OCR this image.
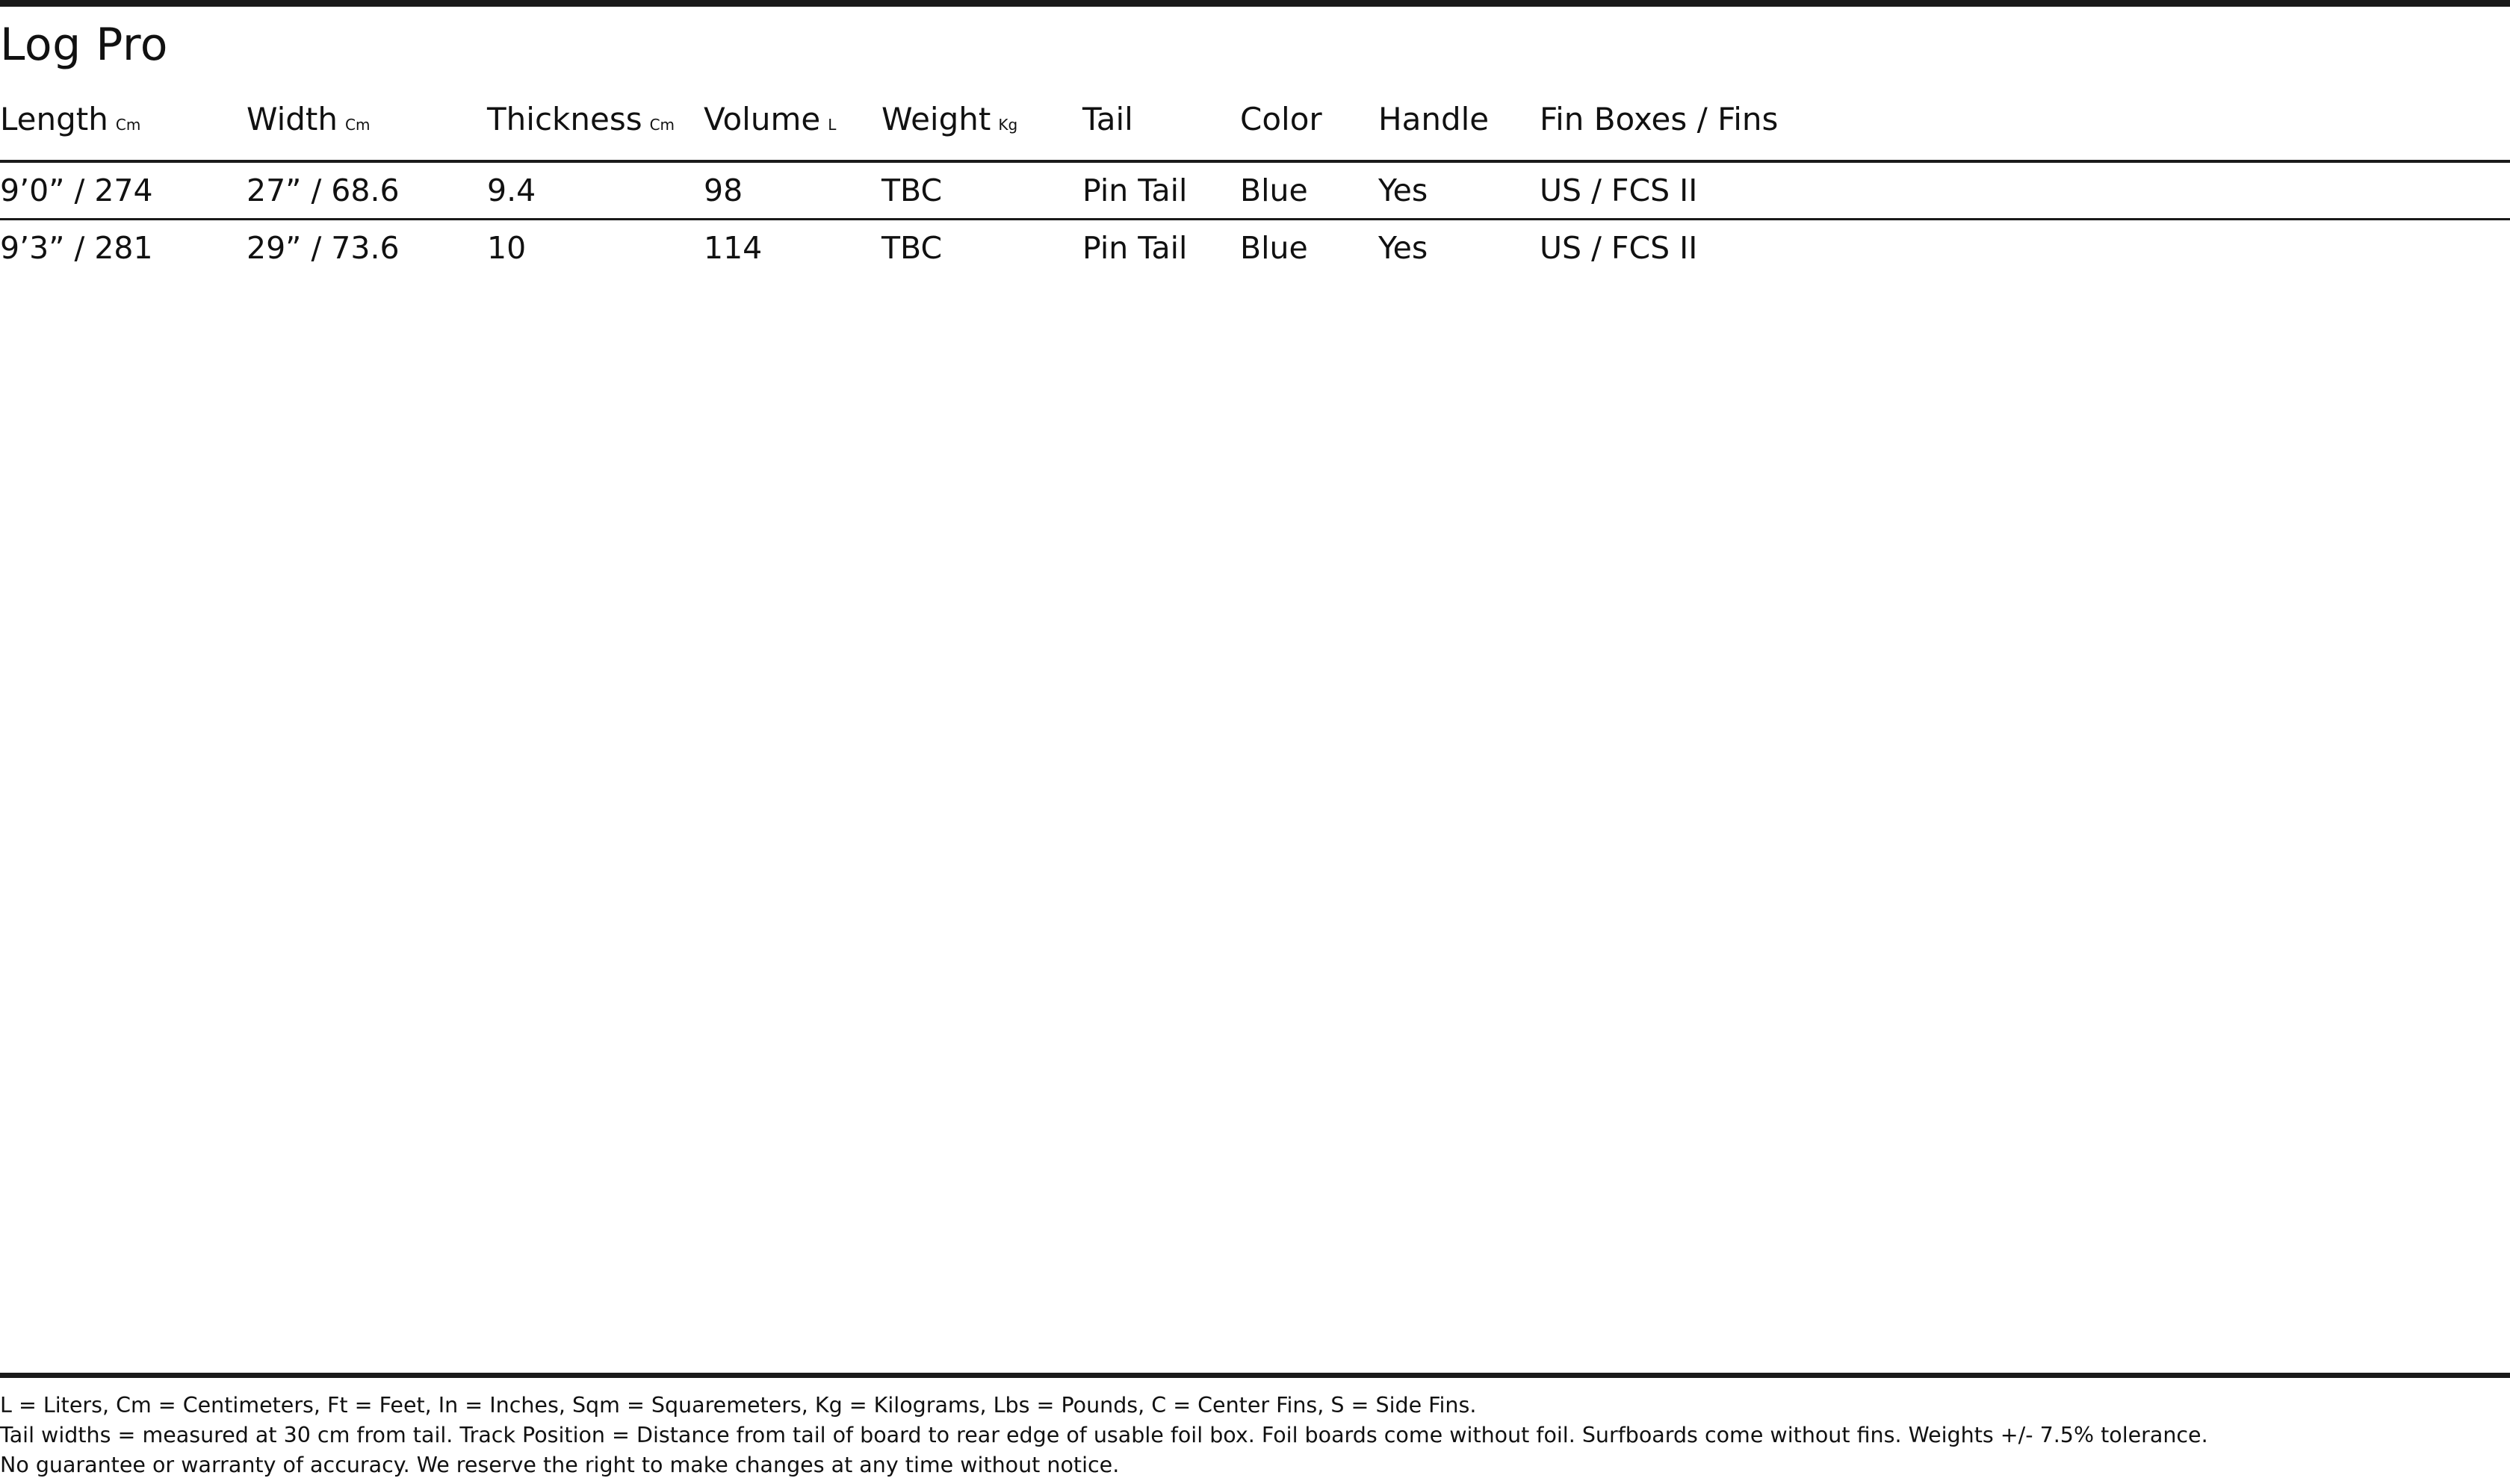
Log Pro
Length Cm	Width Cm	Thickness Cm	Volume L	Weight Kg	Tail	Color	Handle	Fin Boxes / Fins
9’0” / 274	27” / 68.6	9.4	98	TBC	Pin Tail	Blue	Yes	US / FCS II
9’3” / 281	29” / 73.6	10	114	TBC	Pin Tail	Blue	Yes	US / FCS II
L = Liters, Cm = Centimeters, Ft = Feet, In = Inches, Sqm = Squaremeters, Kg = Kilograms, Lbs = Pounds, C = Center Fins, S = Side Fins.
Tail widths = measured at 30 cm from tail. Track Position = Distance from tail of board to rear edge of usable foil box. Foil boards come without foil. Surfboards come without fins. Weights +/- 7.5% tolerance.
No guarantee or warranty of accuracy. We reserve the right to make changes at any time without notice.
